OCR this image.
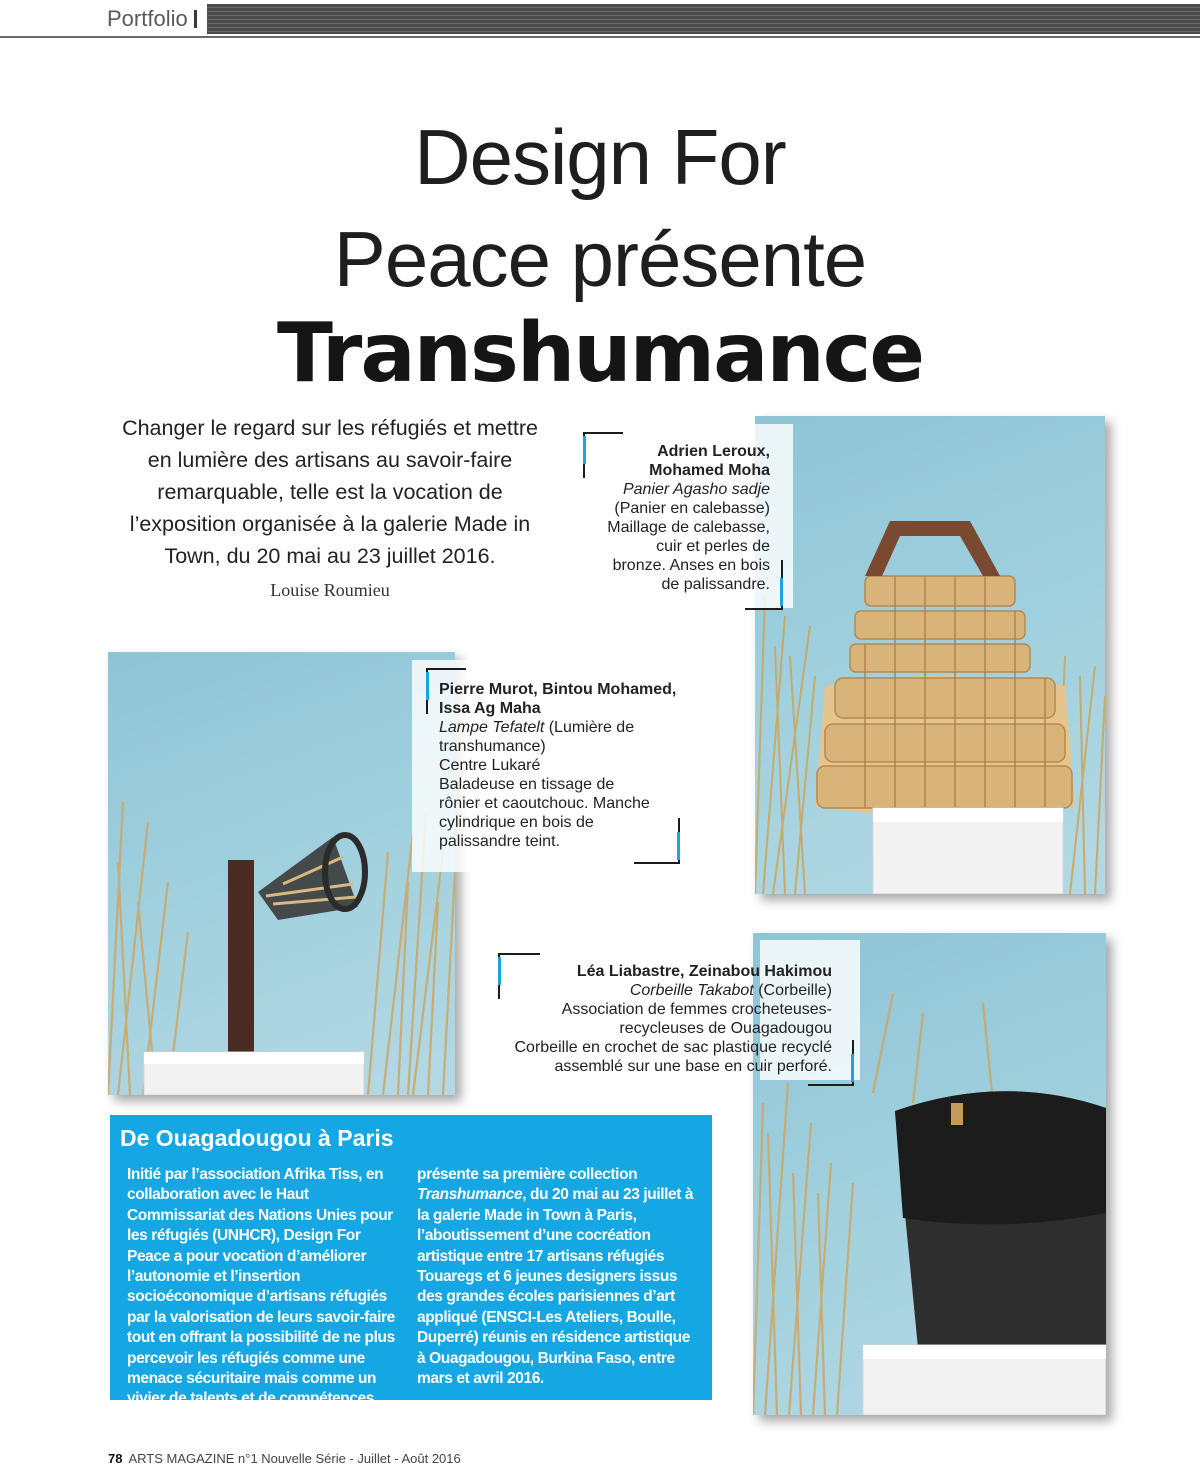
Portfolio
Design For
Peace présente
Transhumance
Changer le regard sur les réfugiés et mettre en lumière des artisans au savoir-faire remarquable, telle est la vocation de l’exposition organisée à la galerie Made in Town, du 20 mai au 23 juillet 2016.
Louise Roumieu
Adrien Leroux,
Mohamed Moha
Panier Agasho sadje
(Panier en calebasse)
Maillage de calebasse,
cuir et perles de
bronze. Anses en bois
de palissandre.
Pierre Murot, Bintou Mohamed,
Issa Ag Maha
Lampe Tefatelt (Lumière de
transhumance)
Centre Lukaré
Baladeuse en tissage de
rônier et caoutchouc. Manche
cylindrique en bois de
palissandre teint.
Léa Liabastre, Zeinabou Hakimou
Corbeille Takabot (Corbeille)
Association de femmes crocheteuses-
recycleuses de Ouagadougou
Corbeille en crochet de sac plastique recyclé
assemblé sur une base en cuir perforé.
De Ouagadougou à Paris
Initié par l’association Afrika Tiss, en collaboration avec le Haut Commissariat des Nations Unies pour les réfugiés (UNHCR), Design For Peace a pour vocation d’améliorer l’autonomie et l’insertion socioéconomique d’artisans réfugiés par la valorisation de leurs savoir-faire tout en offrant la possibilité de ne plus percevoir les réfugiés comme une menace sécuritaire mais comme un vivier de talents et de compétences. Elle
présente sa première collection Transhumance, du 20 mai au 23 juillet à la galerie Made in Town à Paris, l’aboutissement d’une cocréation artistique entre 17 artisans réfugiés Touaregs et 6 jeunes designers issus des grandes écoles parisiennes d’art appliqué (ENSCI-Les Ateliers, Boulle, Duperré) réunis en résidence artistique à Ouagadougou, Burkina Faso, entre mars et avril 2016.
78 ARTS MAGAZINE n°1 Nouvelle Série - Juillet - Août 2016
